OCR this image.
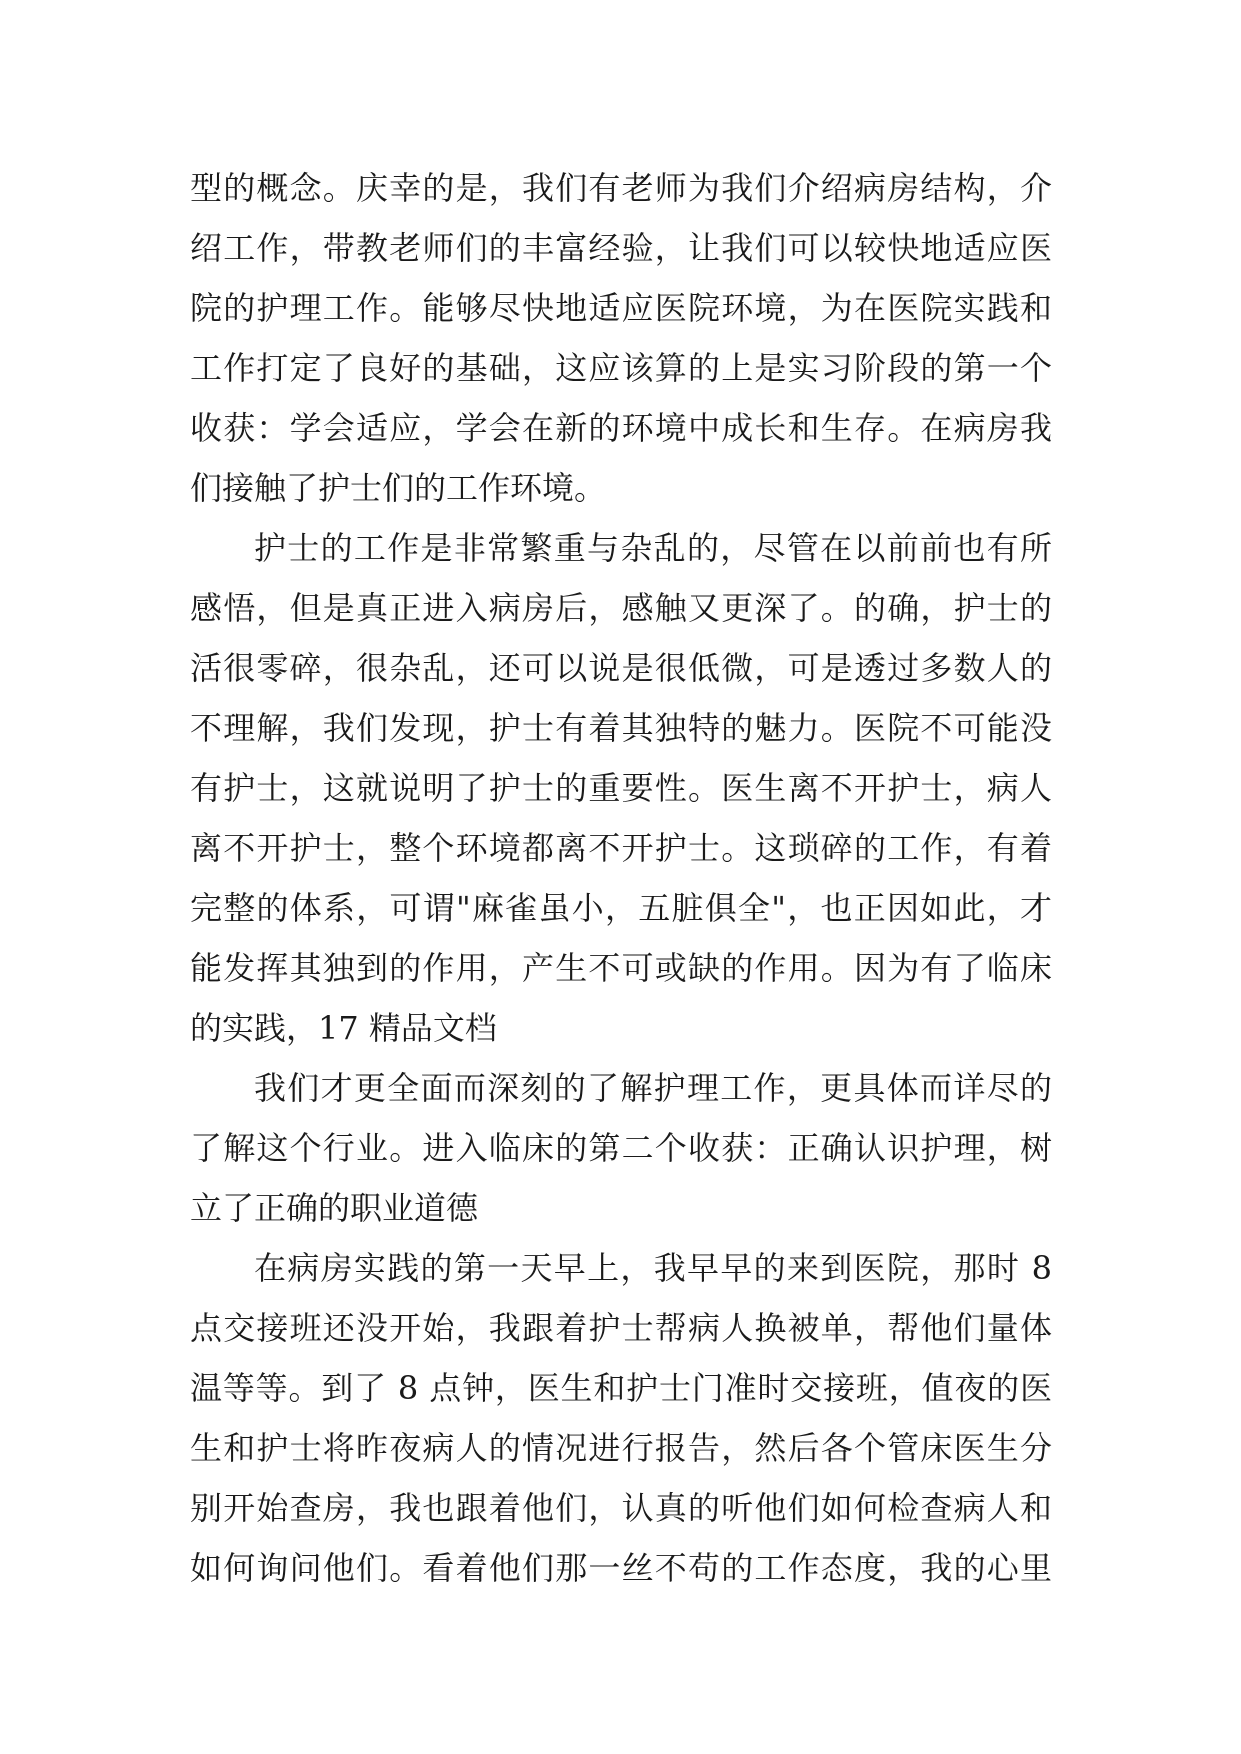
型的概念。庆幸的是，我们有老师为我们介绍病房结构，介
绍工作，带教老师们的丰富经验，让我们可以较快地适应医
院的护理工作。能够尽快地适应医院环境，为在医院实践和
工作打定了良好的基础，这应该算的上是实习阶段的第一个
收获：学会适应，学会在新的环境中成长和生存。在病房我
们接触了护士们的工作环境。
护士的工作是非常繁重与杂乱的，尽管在以前前也有所
感悟，但是真正进入病房后，感触又更深了。的确，护士的
活很零碎，很杂乱，还可以说是很低微，可是透过多数人的
不理解，我们发现，护士有着其独特的魅力。医院不可能没
有护士，这就说明了护士的重要性。医生离不开护士，病人
离不开护士，整个环境都离不开护士。这琐碎的工作，有着
完整的体系，可谓"麻雀虽小，五脏俱全"，也正因如此，才
能发挥其独到的作用，产生不可或缺的作用。因为有了临床
的实践，17 精品文档
我们才更全面而深刻的了解护理工作，更具体而详尽的
了解这个行业。进入临床的第二个收获：正确认识护理，树
立了正确的职业道德
在病房实践的第一天早上，我早早的来到医院，那时 8
点交接班还没开始，我跟着护士帮病人换被单，帮他们量体
温等等。到了 8 点钟，医生和护士门准时交接班，值夜的医
生和护士将昨夜病人的情况进行报告，然后各个管床医生分
别开始查房，我也跟着他们，认真的听他们如何检查病人和
如何询问他们。看着他们那一丝不苟的工作态度，我的心里
